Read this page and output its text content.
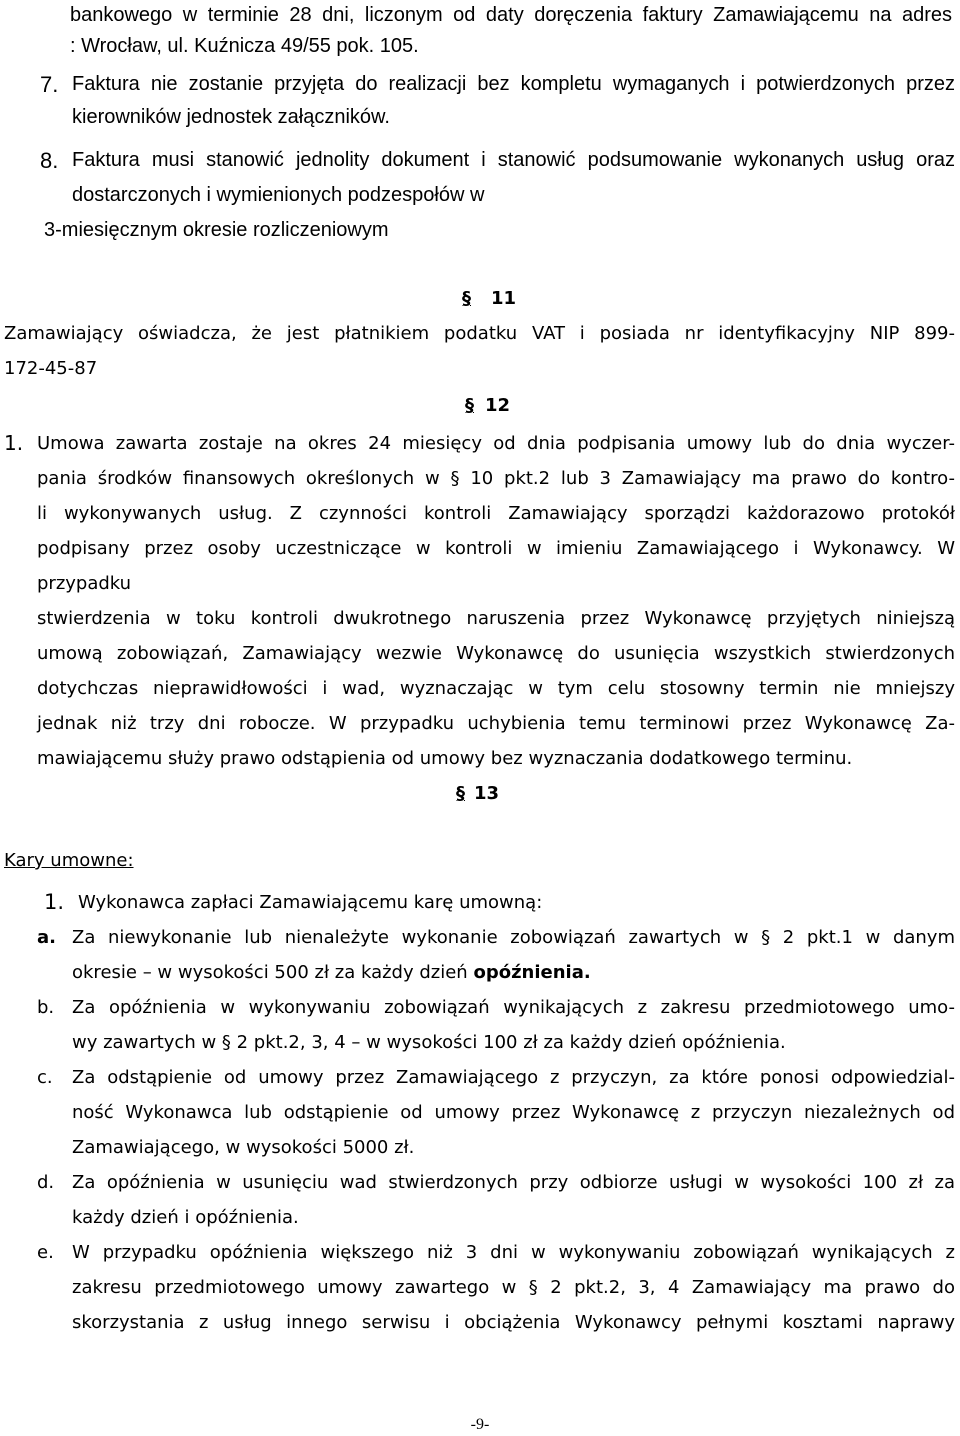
bankowego w terminie 28 dni, liczonym od daty doręczenia faktury Zamawiającemu na adres
: Wrocław, ul. Kuźnicza 49/55 pok. 105.
7. Faktura nie zostanie przyjęta do realizacji bez kompletu wymaganych i potwierdzonych przez
kierowników jednostek załączników.
8. Faktura musi stanowić jednolity dokument i stanowić podsumowanie wykonanych usług oraz
dostarczonych i wymienionych podzespołów w
3-miesięcznym okresie rozliczeniowym
§ 11
Zamawiający oświadcza, że jest płatnikiem podatku VAT i posiada nr identyfikacyjny NIP 899-
172-45-87
§ 12
1. Umowa zawarta zostaje na okres 24 miesięcy od dnia podpisania umowy lub do dnia wyczer-
pania środków finansowych określonych w § 10 pkt.2 lub 3 Zamawiający ma prawo do kontro-
li wykonywanych usług. Z czynności kontroli Zamawiający sporządzi każdorazowo protokół
podpisany przez osoby uczestniczące w kontroli w imieniu Zamawiającego i Wykonawcy. W
przypadku
stwierdzenia w toku kontroli dwukrotnego naruszenia przez Wykonawcę przyjętych niniejszą
umową zobowiązań, Zamawiający wezwie Wykonawcę do usunięcia wszystkich stwierdzonych
dotychczas nieprawidłowości i wad, wyznaczając w tym celu stosowny termin nie mniejszy
jednak niż trzy dni robocze. W przypadku uchybienia temu terminowi przez Wykonawcę Za-
mawiającemu służy prawo odstąpienia od umowy bez wyznaczania dodatkowego terminu.
§ 13
Kary umowne:
1. Wykonawca zapłaci Zamawiającemu karę umowną:
a. Za niewykonanie lub nienależyte wykonanie zobowiązań zawartych w § 2 pkt.1 w danym
okresie – w wysokości 500 zł za każdy dzień opóźnienia.
b. Za opóźnienia w wykonywaniu zobowiązań wynikających z zakresu przedmiotowego umo-
wy zawartych w § 2 pkt.2, 3, 4 – w wysokości 100 zł za każdy dzień opóźnienia.
c. Za odstąpienie od umowy przez Zamawiającego z przyczyn, za które ponosi odpowiedzial-
ność Wykonawca lub odstąpienie od umowy przez Wykonawcę z przyczyn niezależnych od
Zamawiającego, w wysokości 5000 zł.
d. Za opóźnienia w usunięciu wad stwierdzonych przy odbiorze usługi w wysokości 100 zł za
każdy dzień i opóźnienia.
e. W przypadku opóźnienia większego niż 3 dni w wykonywaniu zobowiązań wynikających z
zakresu przedmiotowego umowy zawartego w § 2 pkt.2, 3, 4 Zamawiający ma prawo do
skorzystania z usług innego serwisu i obciążenia Wykonawcy pełnymi kosztami naprawy
-9-
